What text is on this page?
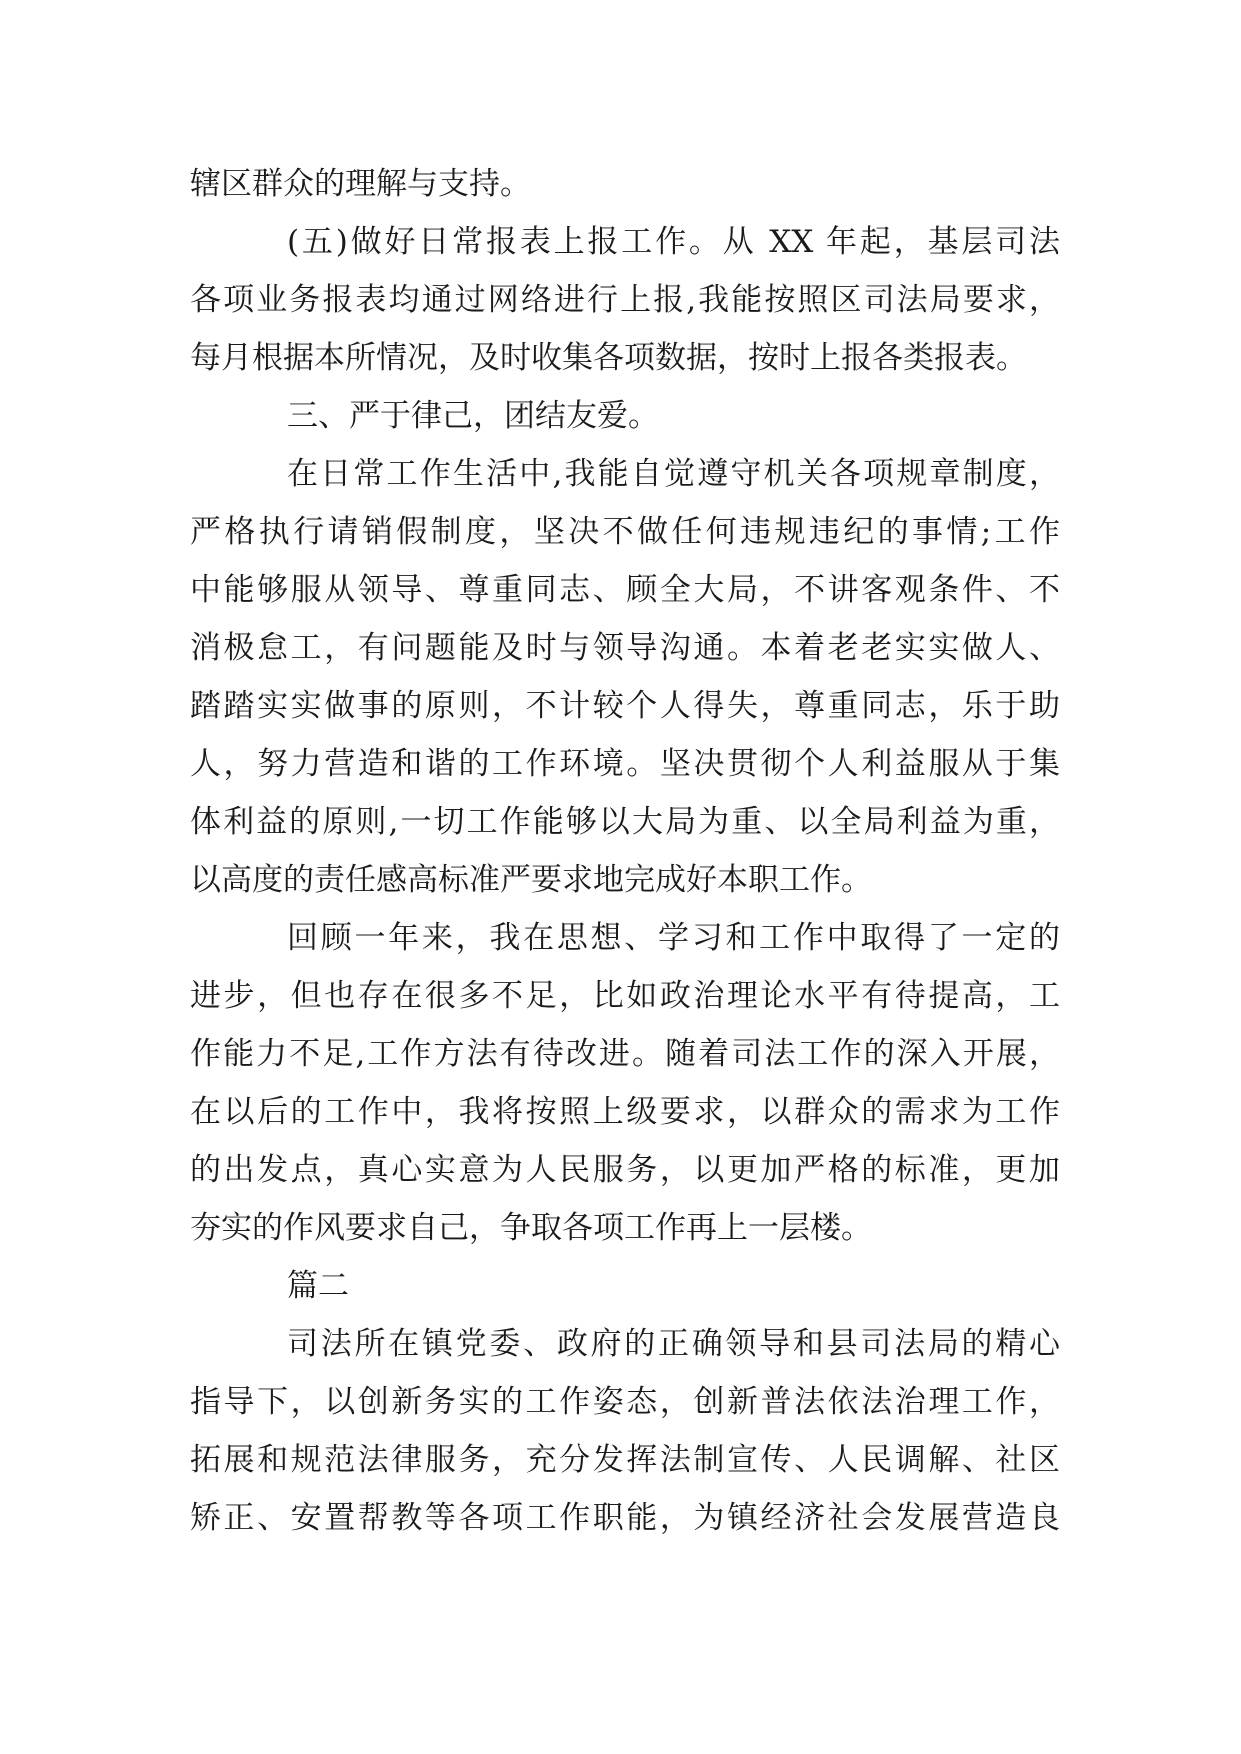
辖区群众的理解与支持。
(五)做好日常报表上报工作。从 XX 年起，基层司法
各项业务报表均通过网络进行上报,我能按照区司法局要求，
每月根据本所情况，及时收集各项数据，按时上报各类报表。
三、严于律己，团结友爱。
在日常工作生活中,我能自觉遵守机关各项规章制度，
严格执行请销假制度，坚决不做任何违规违纪的事情;工作
中能够服从领导、尊重同志、顾全大局，不讲客观条件、不
消极怠工，有问题能及时与领导沟通。本着老老实实做人、
踏踏实实做事的原则，不计较个人得失，尊重同志，乐于助
人，努力营造和谐的工作环境。坚决贯彻个人利益服从于集
体利益的原则,一切工作能够以大局为重、以全局利益为重，
以高度的责任感高标准严要求地完成好本职工作。
回顾一年来，我在思想、学习和工作中取得了一定的
进步，但也存在很多不足，比如政治理论水平有待提高，工
作能力不足,工作方法有待改进。随着司法工作的深入开展，
在以后的工作中，我将按照上级要求，以群众的需求为工作
的出发点，真心实意为人民服务，以更加严格的标准，更加
夯实的作风要求自己，争取各项工作再上一层楼。
篇二
司法所在镇党委、政府的正确领导和县司法局的精心
指导下，以创新务实的工作姿态，创新普法依法治理工作，
拓展和规范法律服务，充分发挥法制宣传、人民调解、社区
矫正、安置帮教等各项工作职能，为镇经济社会发展营造良
